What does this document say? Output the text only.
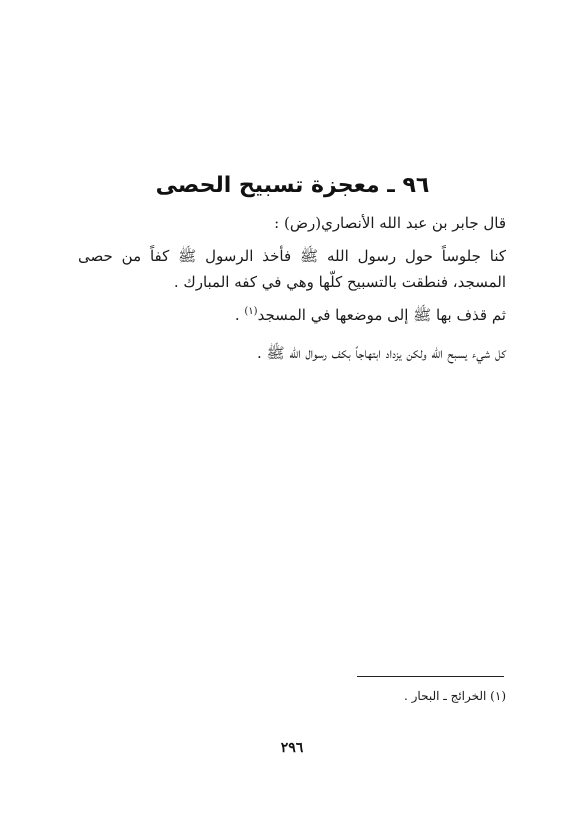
٩٦ ـ معجزة تسبيح الحصى

قال جابر بن عبد الله الأنصاري(رض) :

كنا جلوساً حول رسول الله ﷺ فأخذ الرسول ﷺ كفاً من حصى المسجد، فنطقت بالتسبيح كلّها وهي في كفه المبارك .

ثم قذف بها ﷺ إلى موضعها في المسجد$^{(١)}$ .

كل شيء يسبح الله ولكن يزداد ابتهاجاً بكف رسوال الله ﷺ .

(١) الخرائج ـ البحار .

٢٩٦
